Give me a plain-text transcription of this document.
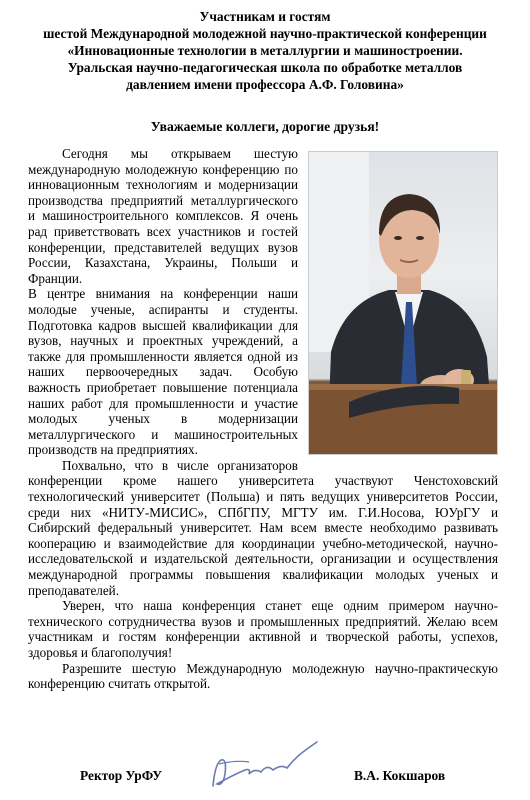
Участникам и гостям
шестой Международной молодежной научно-практической конференции
«Инновационные технологии в металлургии и машиностроении.
Уральская научно-педагогическая школа по обработке металлов
давлением имени профессора А.Ф. Головина»
Уважаемые коллеги, дорогие друзья!

Сегодня мы открываем шестую международную молодежную конференцию по инновационным технологиям и модернизации производства предприятий металлургического и машиностроительного комплексов. Я очень рад приветствовать всех участников и гостей конференции, представителей ведущих вузов России, Казахстана, Украины, Польши и Франции.

В центре внимания на конференции наши молодые ученые, аспиранты и студенты. Подготовка кадров высшей квалификации для вузов, научных и проектных учреждений, а также для промышленности является одной из наших первоочередных задач. Особую важность приобретает повышение потенциала наших работ для промышленности и участие молодых ученых в модернизации металлургического и машиностроительных производств на предприятиях.

Похвально, что в числе организаторов конференции кроме нашего университета участвуют Ченстоховский технологический университет (Польша) и пять ведущих университетов России, среди них «НИТУ-МИСИС», СПбГПУ, МГТУ им. Г.И.Носова, ЮУрГУ и Сибирский федеральный университет. Нам всем вместе необходимо развивать кооперацию и взаимодействие для координации учебно-методической, научно-исследовательской и издательской деятельности, организации и осуществления международной программы повышения квалификации молодых ученых и преподавателей.

Уверен, что наша конференция станет еще одним примером научно-технического сотрудничества вузов и промышленных предприятий. Желаю всем участникам и гостям конференции активной и творческой работы, успехов, здоровья и благополучия!

Разрешите шестую Международную молодежную научно-практическую конференцию считать открытой.

Ректор УрФУ	В.А. Кокшаров
